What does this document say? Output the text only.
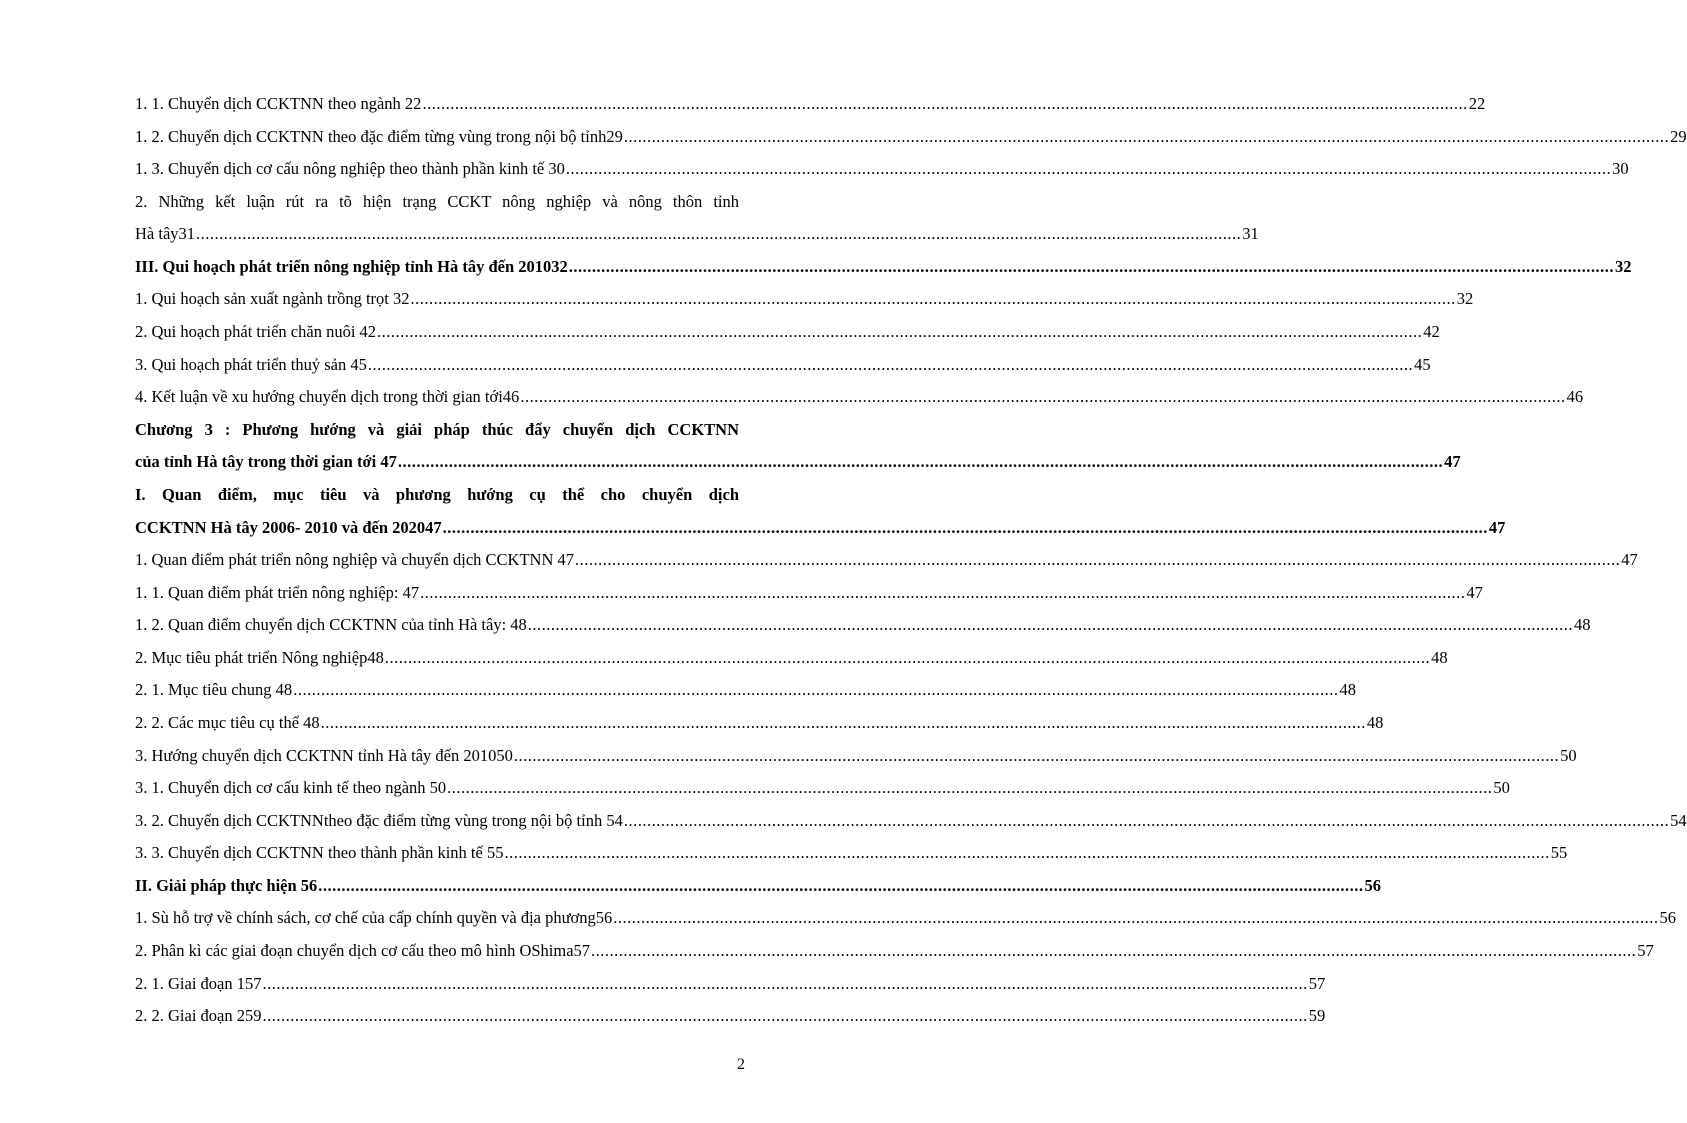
1. 1. Chuyển dịch CCKTNN theo ngành 22 .....	22
1. 2. Chuyển dịch CCKTNN theo đặc điểm từng vùng trong nội bộ tỉnh29 .....	29
1. 3. Chuyển dịch cơ cấu nông nghiệp theo thành phần kinh tế 30 .....	30
2. Những kết luận rút ra tõ hiện trạng CCKT nông nghiệp và nông thôn tỉnh
Hà tây31 .....	31
III. Qui hoạch phát triển nông nghiệp tỉnh Hà tây đến 201032 .....	32
1. Qui hoạch sản xuất ngành trồng trọt 32 .....	32
2. Qui hoạch phát triển chăn nuôi 42 .....	42
3. Qui hoạch phát triển thuỷ sản 45 .....	45
4. Kết luận về xu hướng chuyển dịch trong thời gian tới46 .....	46
Chương 3 : Phương hướng và giải pháp thúc đẩy chuyển dịch CCKTNN
của tỉnh Hà tây trong thời gian tới 47 .....	47
I. Quan điểm, mục tiêu và phương hướng cụ thể cho chuyển dịch
CCKTNN Hà tây 2006- 2010 và đến 202047 .....	47
1. Quan điểm phát triển nông nghiệp và chuyển dịch CCKTNN 47 .....	47
1. 1. Quan điểm phát triển nông nghiệp: 47 .....	47
1. 2. Quan điểm chuyển dịch CCKTNN của tỉnh Hà tây: 48 .....	48
2. Mục tiêu phát triển Nông nghiệp48 .....	48
2. 1. Mục tiêu chung 48 .....	48
2. 2. Các mục tiêu cụ thể 48 .....	48
3. Hướng chuyển dịch CCKTNN tỉnh Hà tây đến 201050 .....	50
3. 1. Chuyển dịch cơ cấu kinh tế theo ngành 50 .....	50
3. 2. Chuyển dịch CCKTNNtheo đặc điểm từng vùng trong nội bộ tỉnh 54 .....	54
3. 3. Chuyển dịch CCKTNN theo thành phần kinh tế 55 .....	55
II. Giải pháp thực hiện 56 .....	56
1. Sù hỗ trợ về chính sách, cơ chế của cấp chính quyền và địa phương56 .....	56
2. Phân kì các giai đoạn chuyển dịch cơ cấu theo mô hình OShima57 .....	57
2. 1. Giai đoạn 157 .....	57
2. 2. Giai đoạn 259 .....	59
2
